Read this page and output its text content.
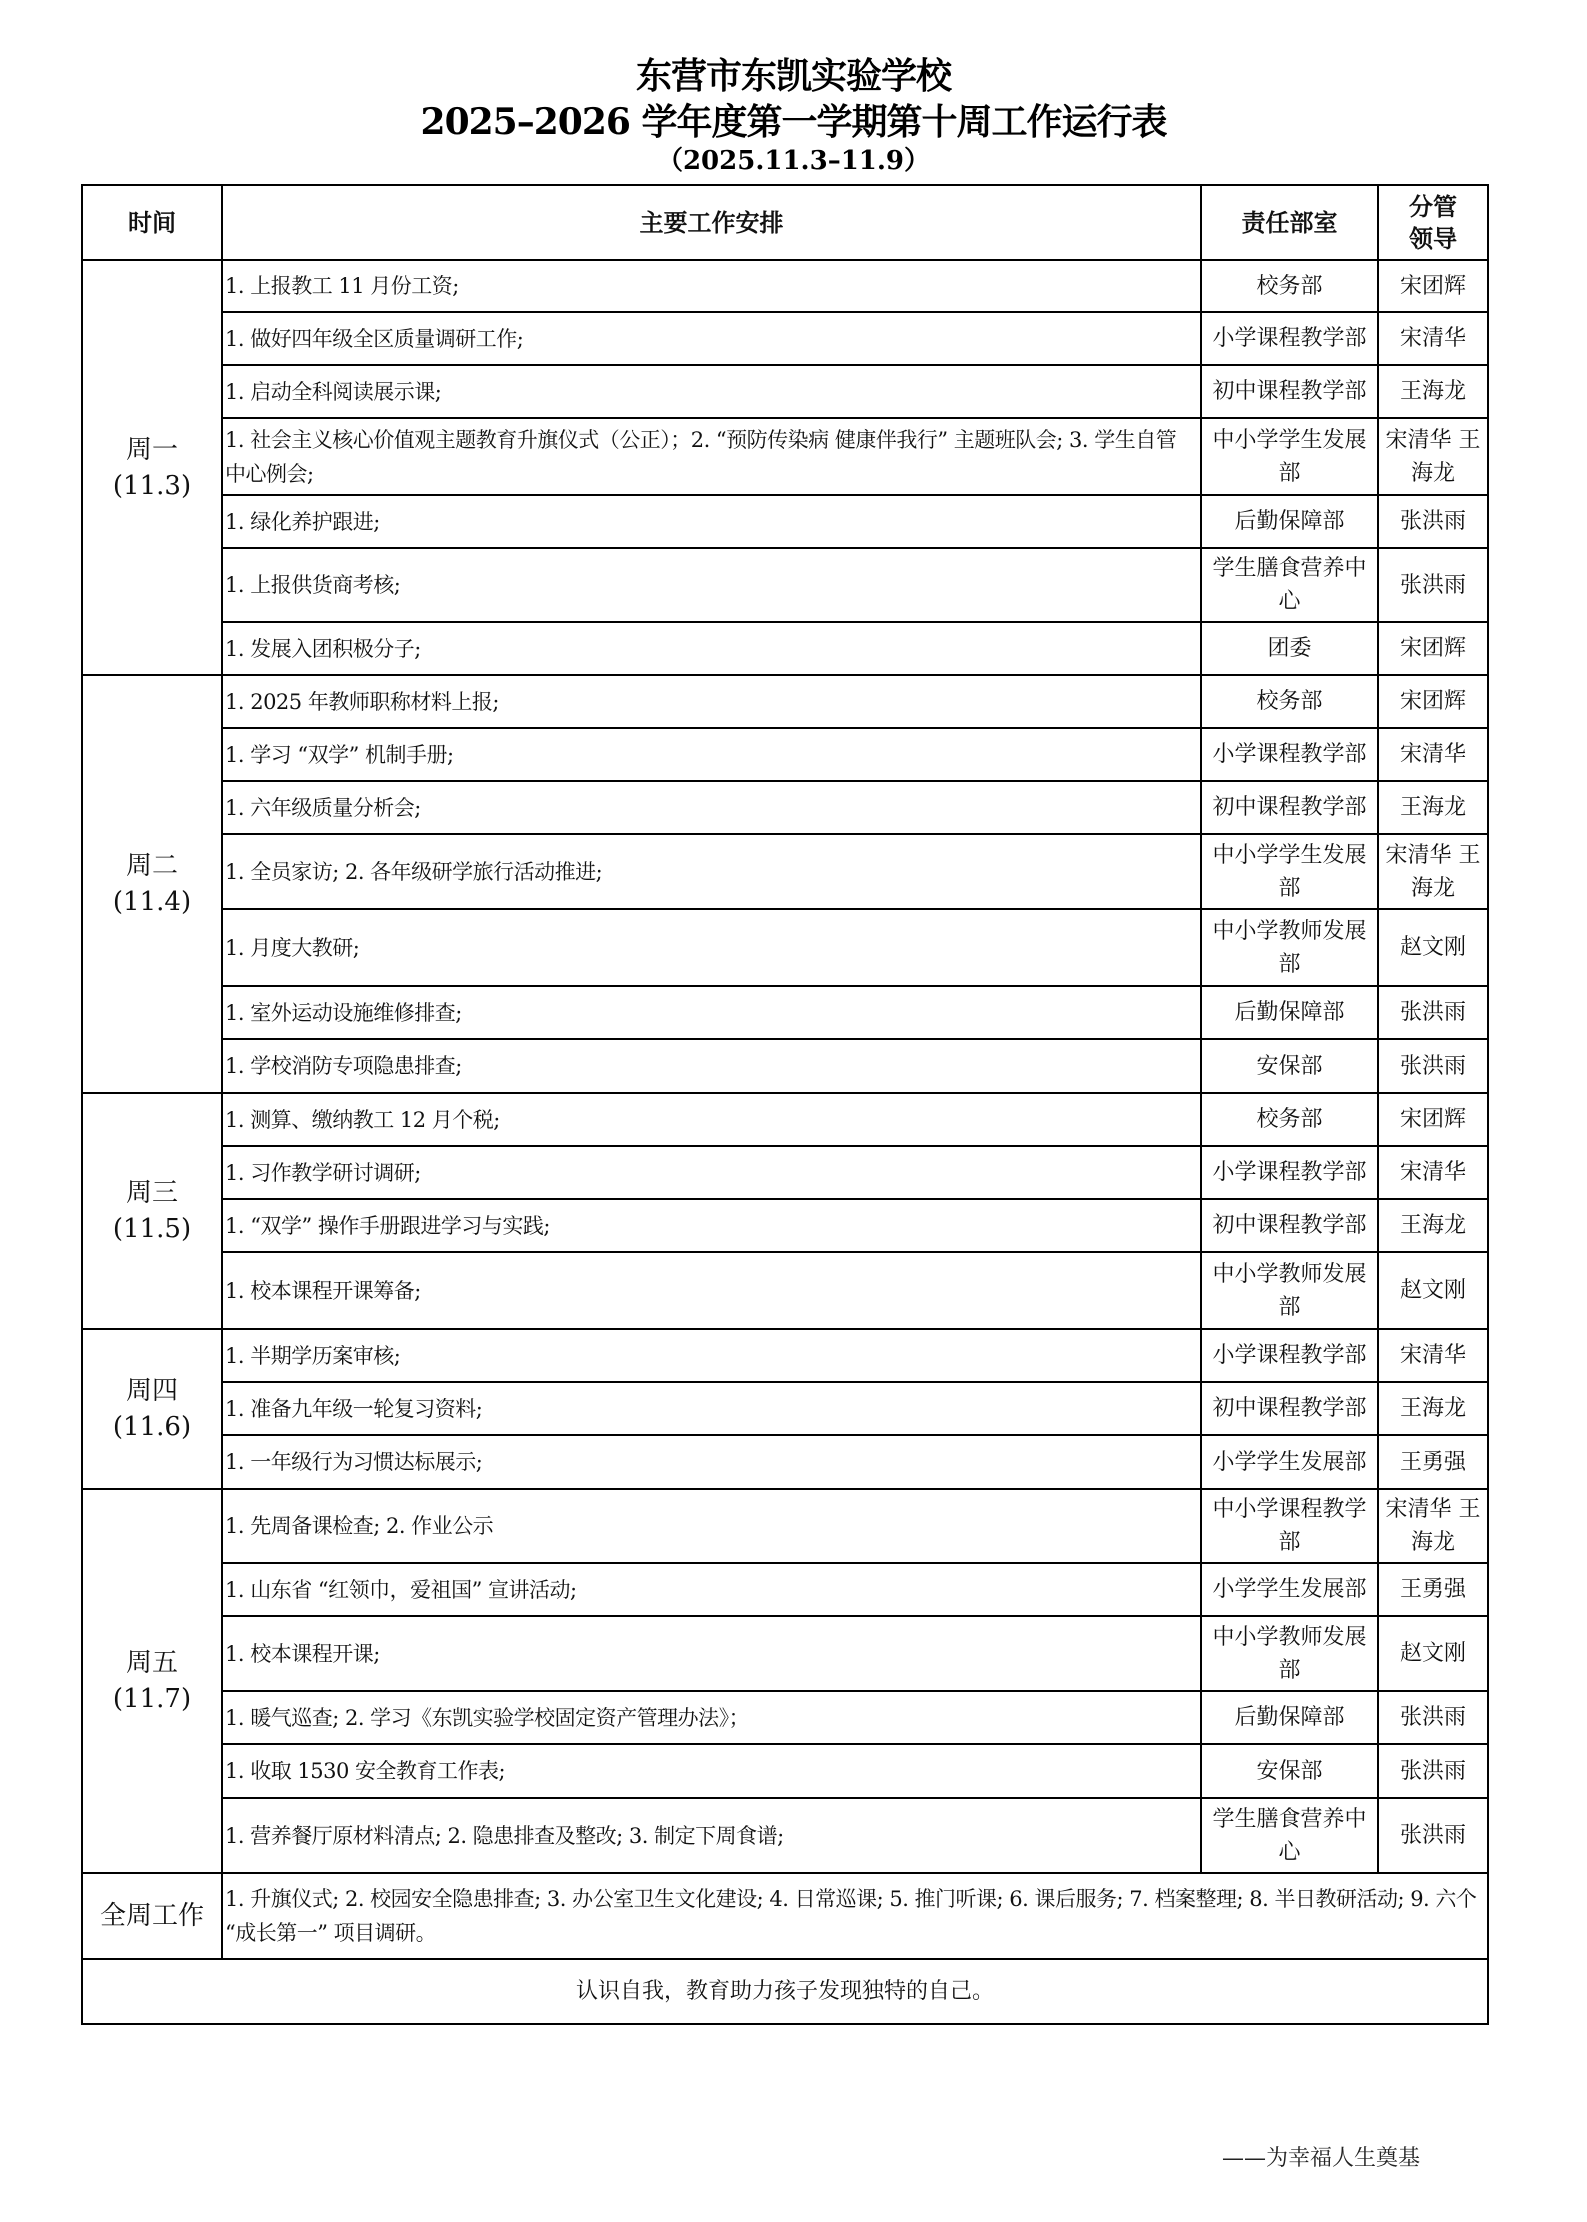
东营市东凯实验学校
2025–2026 学年度第一学期第十周工作运行表
（2025.11.3–11.9）
时间	主要工作安排	责任部室	分管
领导

周一
(11.3)	1. 上报教工 11 月份工资;	校务部	宋团辉
	1. 做好四年级全区质量调研工作;	小学课程教学部	宋清华
	1. 启动全科阅读展示课;	初中课程教学部	王海龙
	1. 社会主义核心价值观主题教育升旗仪式（公正）；2. “预防传染病 健康伴我行” 主题班队会; 3. 学生自管中心例会;	中小学学生发展部	宋清华 王海龙
	1. 绿化养护跟进;	后勤保障部	张洪雨
	1. 上报供货商考核;	学生膳食营养中心	张洪雨
	1. 发展入团积极分子;	团委	宋团辉

周二
(11.4)	1. 2025 年教师职称材料上报;	校务部	宋团辉
	1. 学习 “双学” 机制手册;	小学课程教学部	宋清华
	1. 六年级质量分析会;	初中课程教学部	王海龙
	1. 全员家访; 2. 各年级研学旅行活动推进;	中小学学生发展部	宋清华 王海龙
	1. 月度大教研;	中小学教师发展部	赵文刚
	1. 室外运动设施维修排查;	后勤保障部	张洪雨
	1. 学校消防专项隐患排查;	安保部	张洪雨

周三
(11.5)	1. 测算、缴纳教工 12 月个税;	校务部	宋团辉
	1. 习作教学研讨调研;	小学课程教学部	宋清华
	1. “双学” 操作手册跟进学习与实践;	初中课程教学部	王海龙
	1. 校本课程开课筹备;	中小学教师发展部	赵文刚

周四
(11.6)	1. 半期学历案审核;	小学课程教学部	宋清华
	1. 准备九年级一轮复习资料;	初中课程教学部	王海龙
	1. 一年级行为习惯达标展示;	小学学生发展部	王勇强

周五
(11.7)	1. 先周备课检查; 2. 作业公示	中小学课程教学部	宋清华 王海龙
	1. 山东省 “红领巾，爱祖国” 宣讲活动;	小学学生发展部	王勇强
	1. 校本课程开课;	中小学教师发展部	赵文刚
	1. 暖气巡查; 2. 学习《东凯实验学校固定资产管理办法》；	后勤保障部	张洪雨
	1. 收取 1530 安全教育工作表;	安保部	张洪雨
	1. 营养餐厅原材料清点; 2. 隐患排查及整改; 3. 制定下周食谱;	学生膳食营养中心	张洪雨
全周工作	1. 升旗仪式; 2. 校园安全隐患排查; 3. 办公室卫生文化建设; 4. 日常巡课; 5. 推门听课; 6. 课后服务; 7. 档案整理; 8. 半日教研活动; 9. 六个 “成长第一” 项目调研。		
认识自我，教育助力孩子发现独特的自己。			
——为幸福人生奠基
